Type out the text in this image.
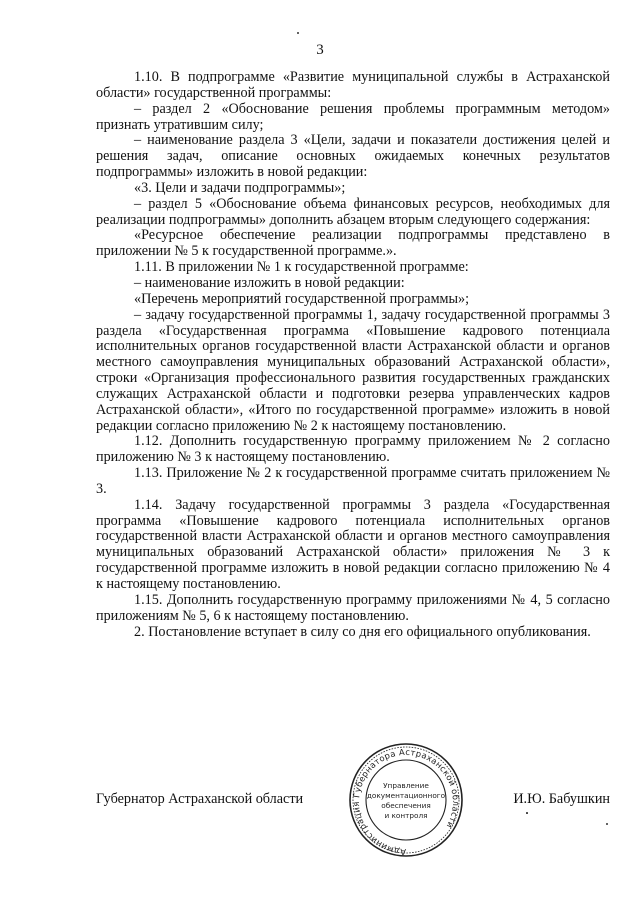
3

1.10. В подпрограмме «Развитие муниципальной службы в Астраханской области» государственной программы:

– раздел 2 «Обоснование решения проблемы программным методом» признать утратившим силу;

– наименование раздела 3 «Цели, задачи и показатели достижения целей и решения задач, описание основных ожидаемых конечных результатов подпрограммы» изложить в новой редакции:

«3. Цели и задачи подпрограммы»;

– раздел 5 «Обоснование объема финансовых ресурсов, необходимых для реализации подпрограммы» дополнить абзацем вторым следующего содержания:

«Ресурсное обеспечение реализации подпрограммы представлено в приложении № 5 к государственной программе.».

1.11. В приложении № 1 к государственной программе:

– наименование изложить в новой редакции:

«Перечень мероприятий государственной программы»;

– задачу государственной программы 1, задачу государственной программы 3 раздела «Государственная программа «Повышение кадрового потенциала исполнительных органов государственной власти Астраханской области и органов местного самоуправления муниципальных образований Астраханской области», строки «Организация профессионального развития государственных гражданских служащих Астраханской области и подготовки резерва управленческих кадров Астраханской области», «Итого по государственной программе» изложить в новой редакции согласно приложению № 2 к настоящему постановлению.

1.12. Дополнить государственную программу приложением № 2 согласно приложению № 3 к настоящему постановлению.

1.13. Приложение № 2 к государственной программе считать приложением № 3.

1.14. Задачу государственной программы 3 раздела «Государственная программа «Повышение кадрового потенциала исполнительных органов государственной власти Астраханской области и органов местного самоуправления муниципальных образований Астраханской области» приложения № 3 к государственной программе изложить в новой редакции согласно приложению № 4 к настоящему постановлению.

1.15. Дополнить государственную программу приложениями № 4, 5 согласно приложениям № 5, 6 к настоящему постановлению.

2. Постановление вступает в силу со дня его официального опубликования.

Губернатор Астраханской области	И.Ю. Бабушкин
Администрация Губернатора Астраханской области
Управление
документационного
обеспечения
и контроля
